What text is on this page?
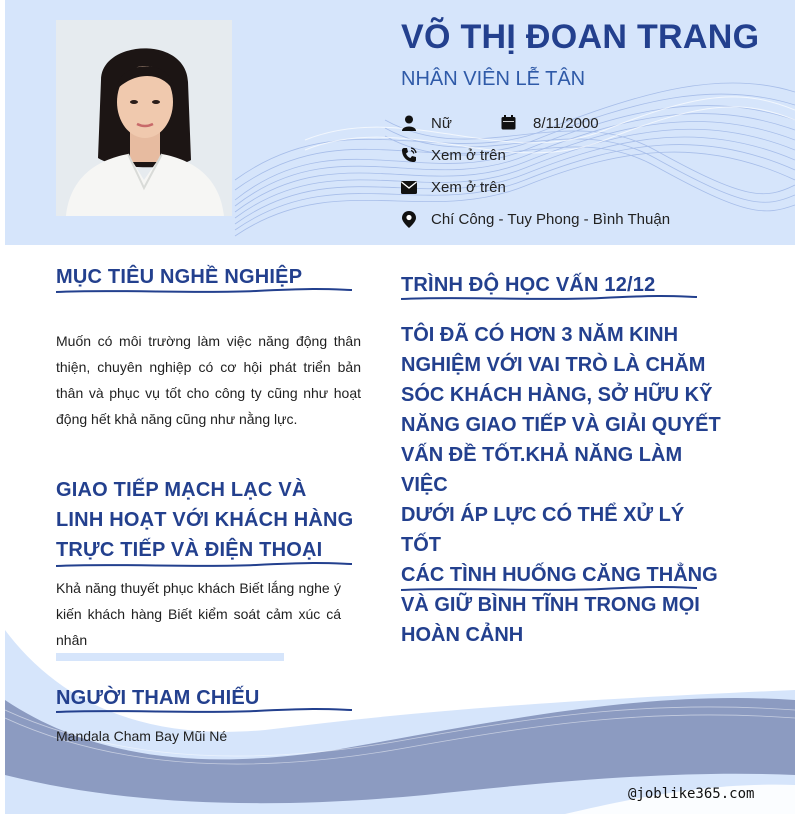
VÕ THỊ ĐOAN TRANG
NHÂN VIÊN LỄ TÂN
Nữ	8/11/2000
Xem ở trên
Xem ở trên
Chí Công - Tuy Phong - Bình Thuận
MỤC TIÊU NGHỀ NGHIỆP
Muốn có môi trường làm việc năng động thân thiện, chuyên nghiệp có cơ hội phát triển bản thân và phục vụ tốt cho công ty cũng như hoạt động hết khả năng cũng như nằng lực.
GIAO TIẾP MẠCH LẠC VÀ
LINH HOẠT VỚI KHÁCH HÀNG
TRỰC TIẾP VÀ ĐIỆN THOẠI
Khả năng thuyết phục khách Biết lắng nghe ý kiến khách hàng Biết kiểm soát cảm xúc cá nhân
NGƯỜI THAM CHIẾU
Mandala Cham Bay Mũi Né
TRÌNH ĐỘ HỌC VẤN 12/12
TÔI ĐÃ CÓ HƠN 3 NĂM KINH
NGHIỆM VỚI VAI TRÒ LÀ CHĂM
SÓC KHÁCH HÀNG, SỞ HỮU KỸ
NĂNG GIAO TIẾP VÀ GIẢI QUYẾT
VẤN ĐỀ TỐT.KHẢ NĂNG LÀM VIỆC
DƯỚI ÁP LỰC CÓ THỂ XỬ LÝ TỐT
CÁC TÌNH HUỐNG CĂNG THẲNG
VÀ GIỮ BÌNH TĨNH TRONG MỌI
HOÀN CẢNH
@joblike365.com
